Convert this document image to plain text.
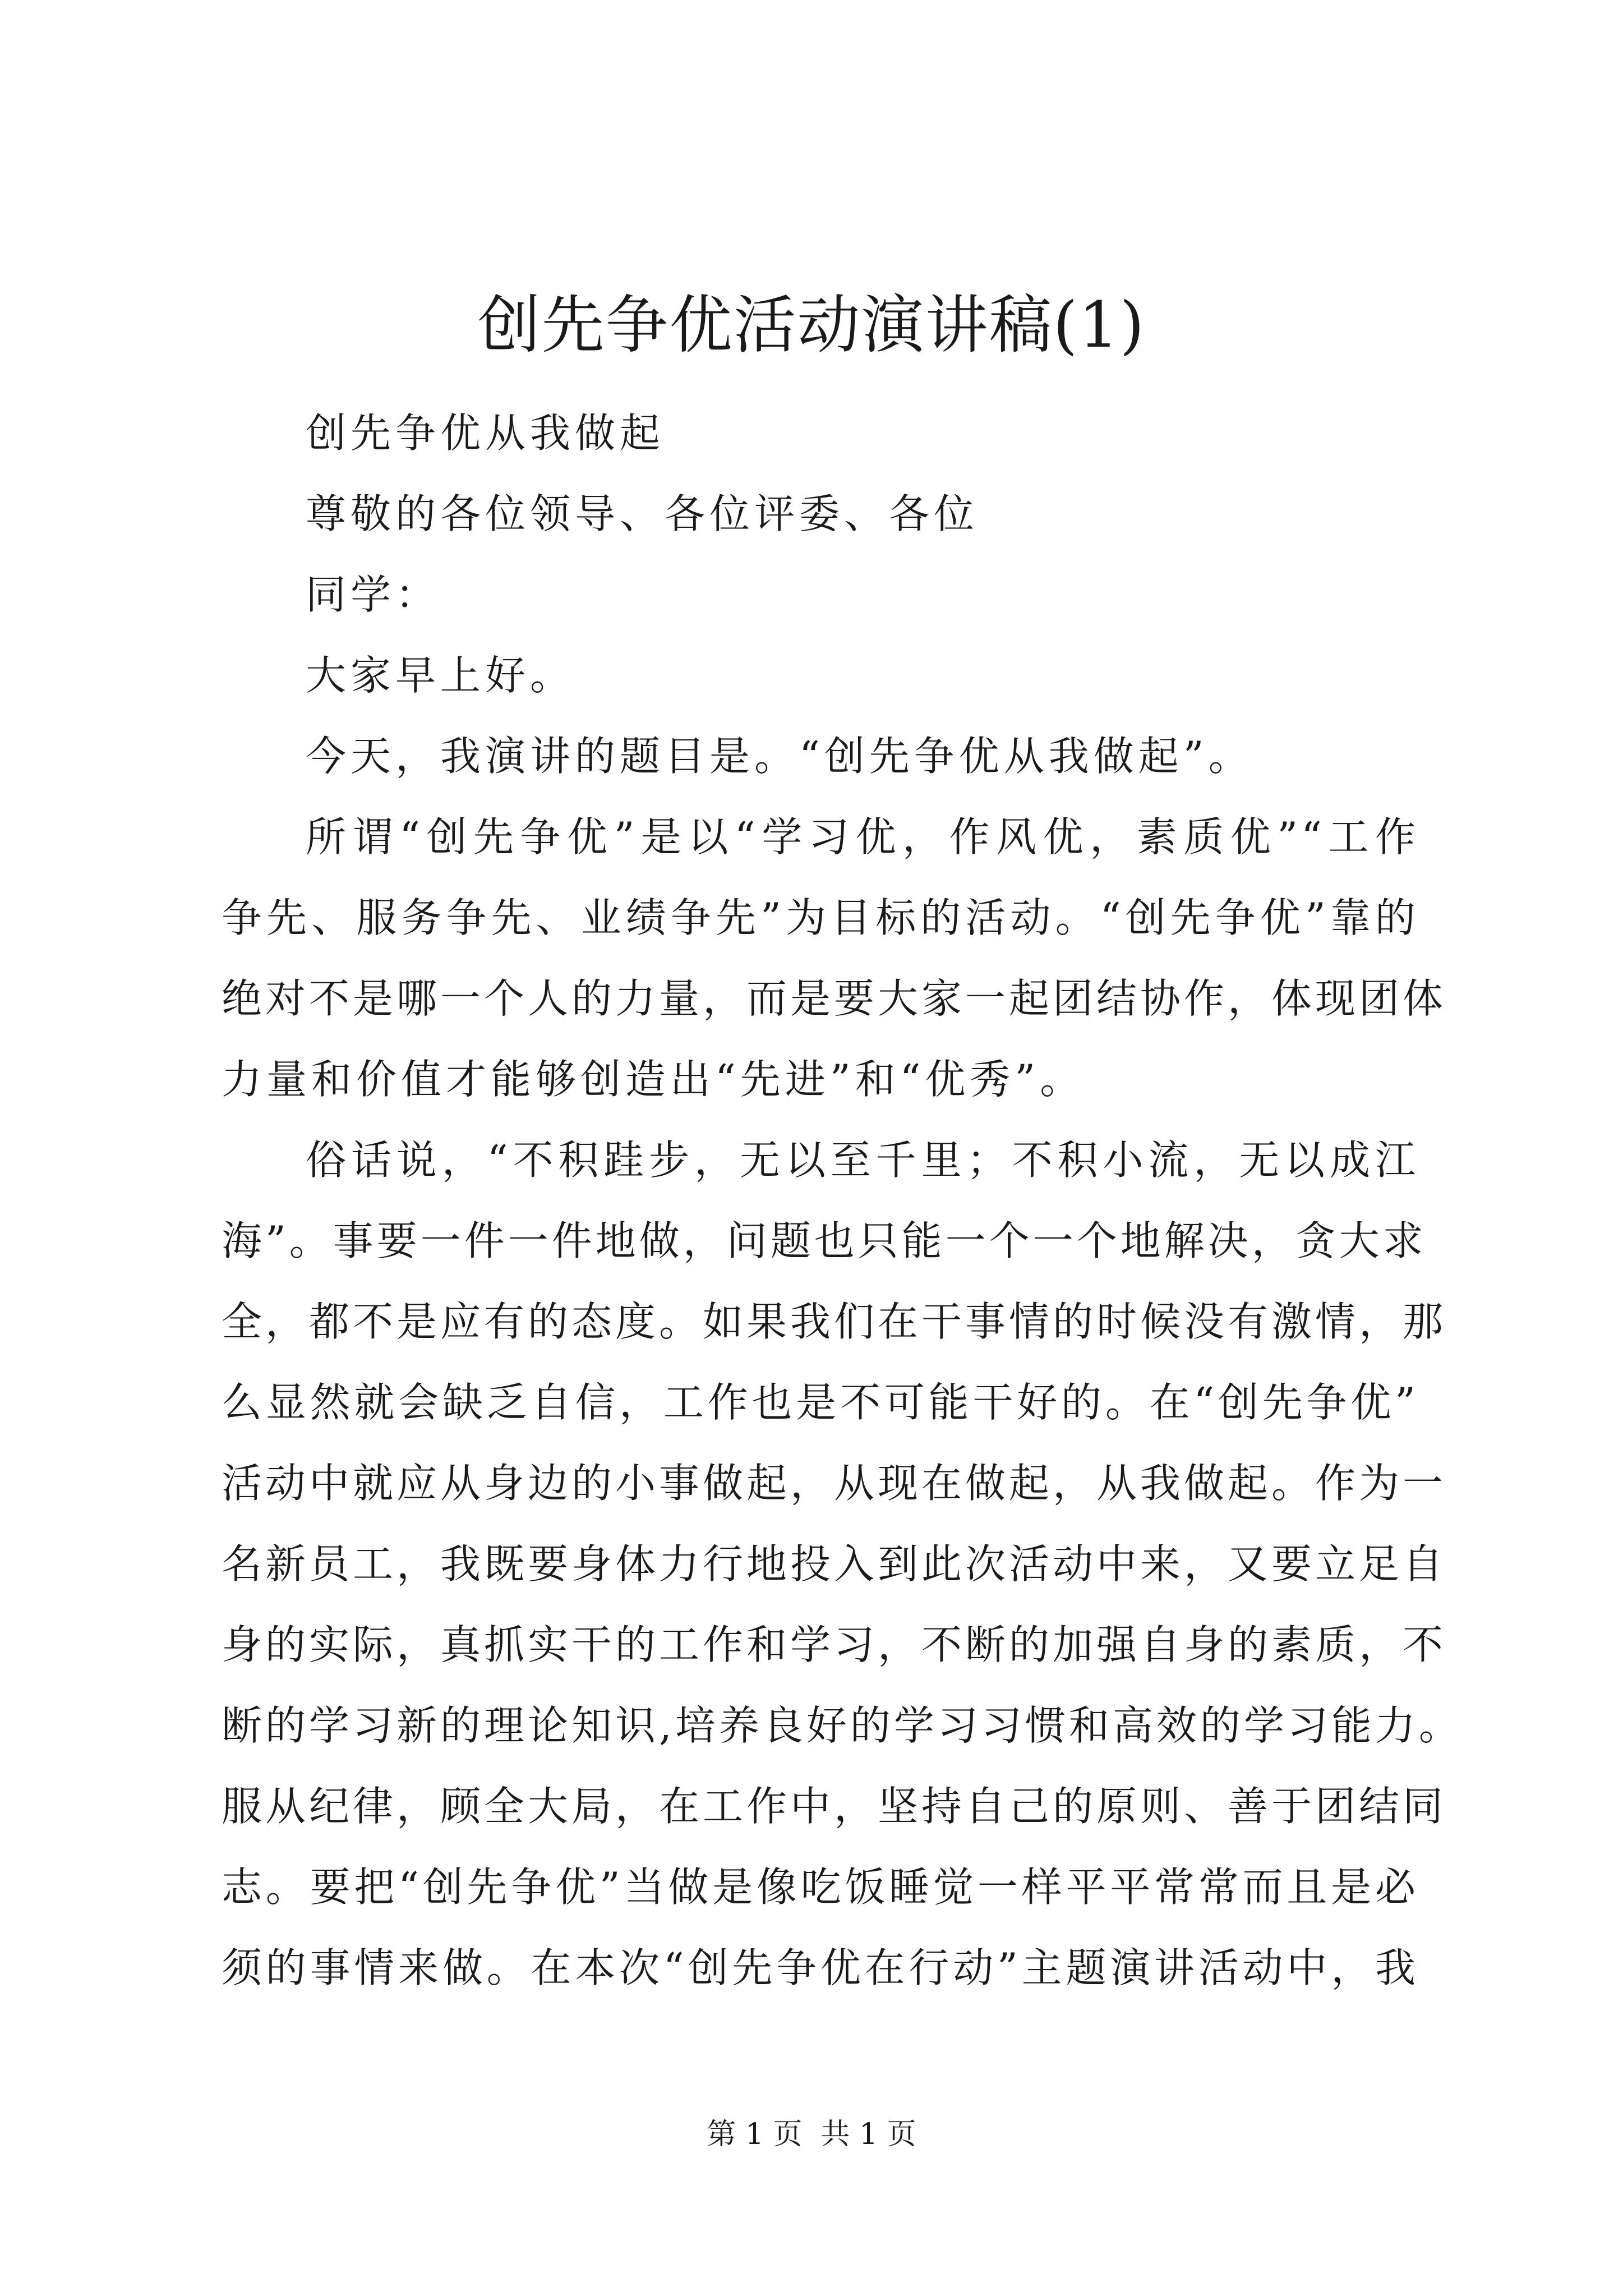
创先争优活动演讲稿(1)
创先争优从我做起
尊敬的各位领导、各位评委、各位
同学：
大家早上好。
今天，我演讲的题目是。“创先争优从我做起”。
所谓“创先争优”是以“学习优，作风优，素质优”“工作
争先、服务争先、业绩争先”为目标的活动。“创先争优”靠的
绝对不是哪一个人的力量，而是要大家一起团结协作，体现团体
力量和价值才能够创造出“先进”和“优秀”。
俗话说，“不积跬步，无以至千里；不积小流，无以成江
海”。事要一件一件地做，问题也只能一个一个地解决，贪大求
全，都不是应有的态度。如果我们在干事情的时候没有激情，那
么显然就会缺乏自信，工作也是不可能干好的。在“创先争优”
活动中就应从身边的小事做起，从现在做起，从我做起。作为一
名新员工，我既要身体力行地投入到此次活动中来，又要立足自
身的实际，真抓实干的工作和学习，不断的加强自身的素质，不
断的学习新的理论知识,培养良好的学习习惯和高效的学习能力。
服从纪律，顾全大局，在工作中，坚持自己的原则、善于团结同
志。要把“创先争优”当做是像吃饭睡觉一样平平常常而且是必
须的事情来做。在本次“创先争优在行动”主题演讲活动中，我
第 1 页  共 1 页
